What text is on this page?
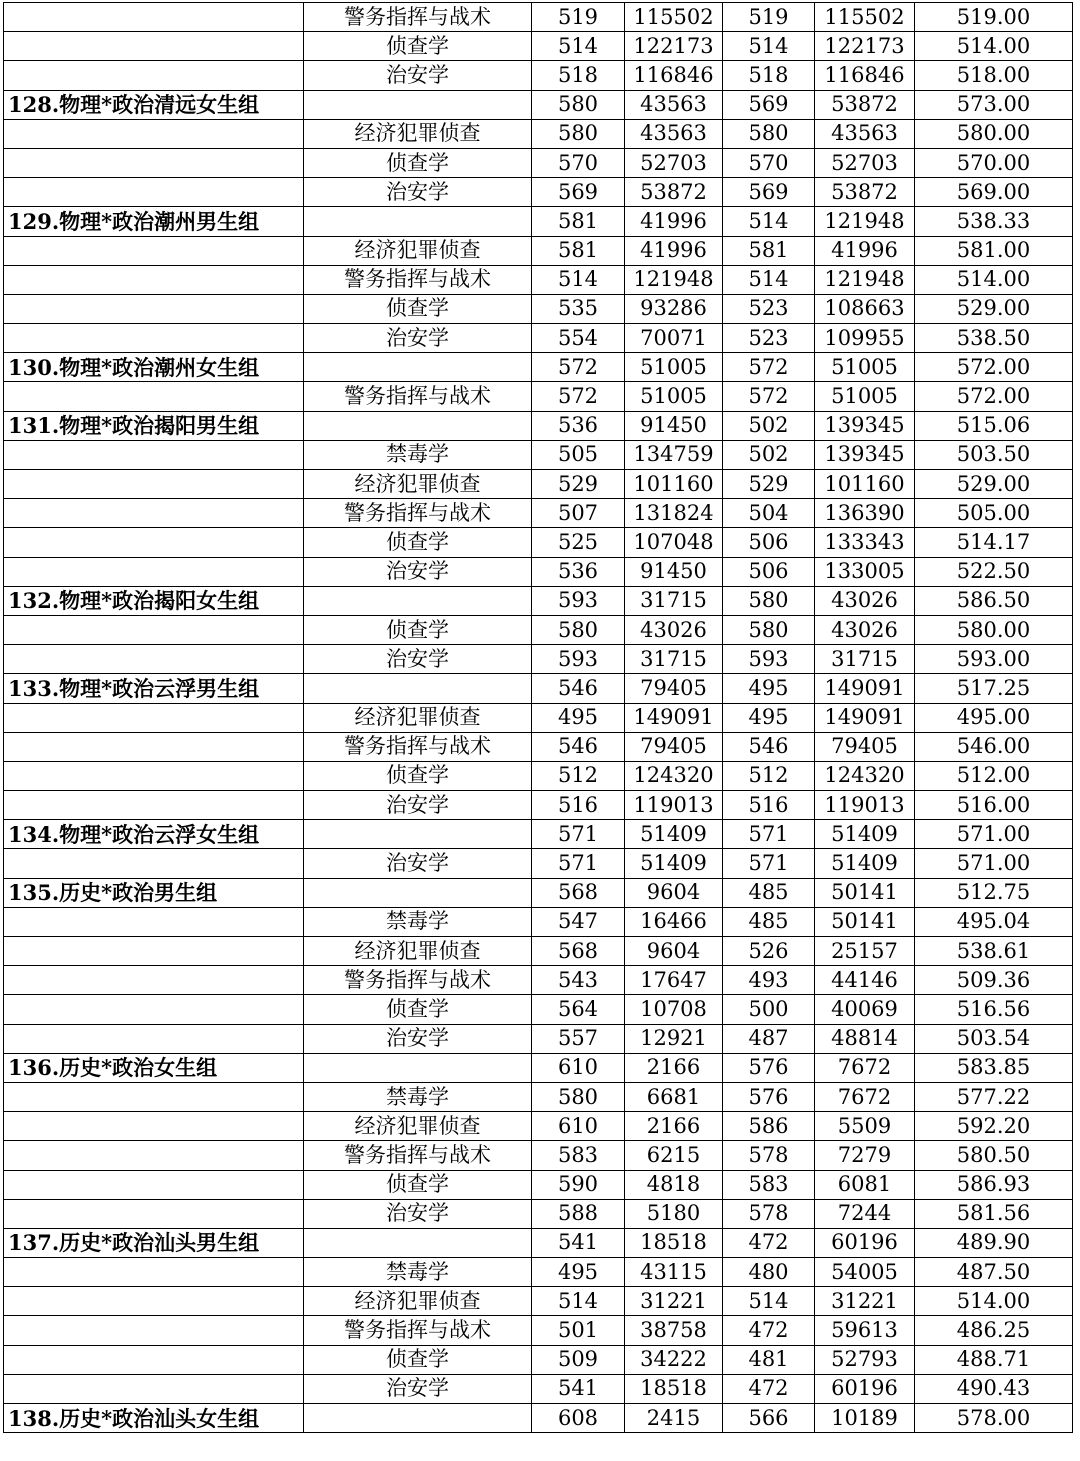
	警务指挥与战术	519	115502	519	115502	519.00
	侦查学	514	122173	514	122173	514.00
	治安学	518	116846	518	116846	518.00
128.物理*政治清远女生组		580	43563	569	53872	573.00
	经济犯罪侦查	580	43563	580	43563	580.00
	侦查学	570	52703	570	52703	570.00
	治安学	569	53872	569	53872	569.00
129.物理*政治潮州男生组		581	41996	514	121948	538.33
	经济犯罪侦查	581	41996	581	41996	581.00
	警务指挥与战术	514	121948	514	121948	514.00
	侦查学	535	93286	523	108663	529.00
	治安学	554	70071	523	109955	538.50
130.物理*政治潮州女生组		572	51005	572	51005	572.00
	警务指挥与战术	572	51005	572	51005	572.00
131.物理*政治揭阳男生组		536	91450	502	139345	515.06
	禁毒学	505	134759	502	139345	503.50
	经济犯罪侦查	529	101160	529	101160	529.00
	警务指挥与战术	507	131824	504	136390	505.00
	侦查学	525	107048	506	133343	514.17
	治安学	536	91450	506	133005	522.50
132.物理*政治揭阳女生组		593	31715	580	43026	586.50
	侦查学	580	43026	580	43026	580.00
	治安学	593	31715	593	31715	593.00
133.物理*政治云浮男生组		546	79405	495	149091	517.25
	经济犯罪侦查	495	149091	495	149091	495.00
	警务指挥与战术	546	79405	546	79405	546.00
	侦查学	512	124320	512	124320	512.00
	治安学	516	119013	516	119013	516.00
134.物理*政治云浮女生组		571	51409	571	51409	571.00
	治安学	571	51409	571	51409	571.00
135.历史*政治男生组		568	9604	485	50141	512.75
	禁毒学	547	16466	485	50141	495.04
	经济犯罪侦查	568	9604	526	25157	538.61
	警务指挥与战术	543	17647	493	44146	509.36
	侦查学	564	10708	500	40069	516.56
	治安学	557	12921	487	48814	503.54
136.历史*政治女生组		610	2166	576	7672	583.85
	禁毒学	580	6681	576	7672	577.22
	经济犯罪侦查	610	2166	586	5509	592.20
	警务指挥与战术	583	6215	578	7279	580.50
	侦查学	590	4818	583	6081	586.93
	治安学	588	5180	578	7244	581.56
137.历史*政治汕头男生组		541	18518	472	60196	489.90
	禁毒学	495	43115	480	54005	487.50
	经济犯罪侦查	514	31221	514	31221	514.00
	警务指挥与战术	501	38758	472	59613	486.25
	侦查学	509	34222	481	52793	488.71
	治安学	541	18518	472	60196	490.43
138.历史*政治汕头女生组		608	2415	566	10189	578.00
